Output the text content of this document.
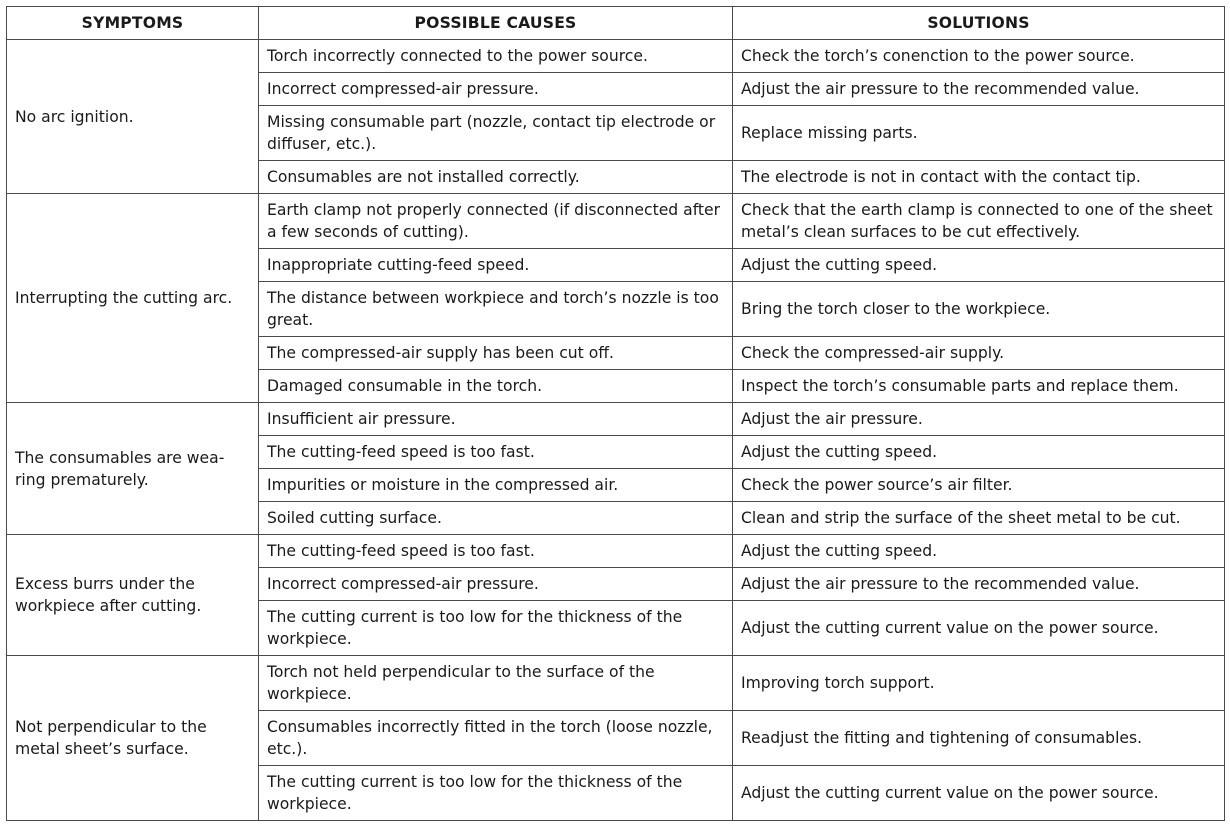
SYMPTOMS	POSSIBLE CAUSES	SOLUTIONS
No arc ignition.	Torch incorrectly connected to the power source.	Check the torch’s conenction to the power source.
	Incorrect compressed-air pressure.	Adjust the air pressure to the recommended value.
	Missing consumable part (nozzle, contact tip electrode or diffuser, etc.).	Replace missing parts.
	Consumables are not installed correctly.	The electrode is not in contact with the contact tip.
Interrupting the cutting arc.	Earth clamp not properly connected (if disconnected after a few seconds of cutting).	Check that the earth clamp is connected to one of the sheet metal’s clean surfaces to be cut effectively.
	Inappropriate cutting-feed speed.	Adjust the cutting speed.
	The distance between workpiece and torch’s nozzle is too great.	Bring the torch closer to the workpiece.
	The compressed-air supply has been cut off.	Check the compressed-air supply.
	Damaged consumable in the torch.	Inspect the torch’s consumable parts and replace them.
The consumables are wea-ring prematurely.	Insufficient air pressure.	Adjust the air pressure.
	The cutting-feed speed is too fast.	Adjust the cutting speed.
	Impurities or moisture in the compressed air.	Check the power source’s air filter.
	Soiled cutting surface.	Clean and strip the surface of the sheet metal to be cut.
Excess burrs under the workpiece after cutting.	The cutting-feed speed is too fast.	Adjust the cutting speed.
	Incorrect compressed-air pressure.	Adjust the air pressure to the recommended value.
	The cutting current is too low for the thickness of the workpiece.	Adjust the cutting current value on the power source.
Not perpendicular to the metal sheet’s surface.	Torch not held perpendicular to the surface of the workpiece.	Improving torch support.
	Consumables incorrectly fitted in the torch (loose nozzle, etc.).	Readjust the fitting and tightening of consumables.
	The cutting current is too low for the thickness of the workpiece.	Adjust the cutting current value on the power source.
